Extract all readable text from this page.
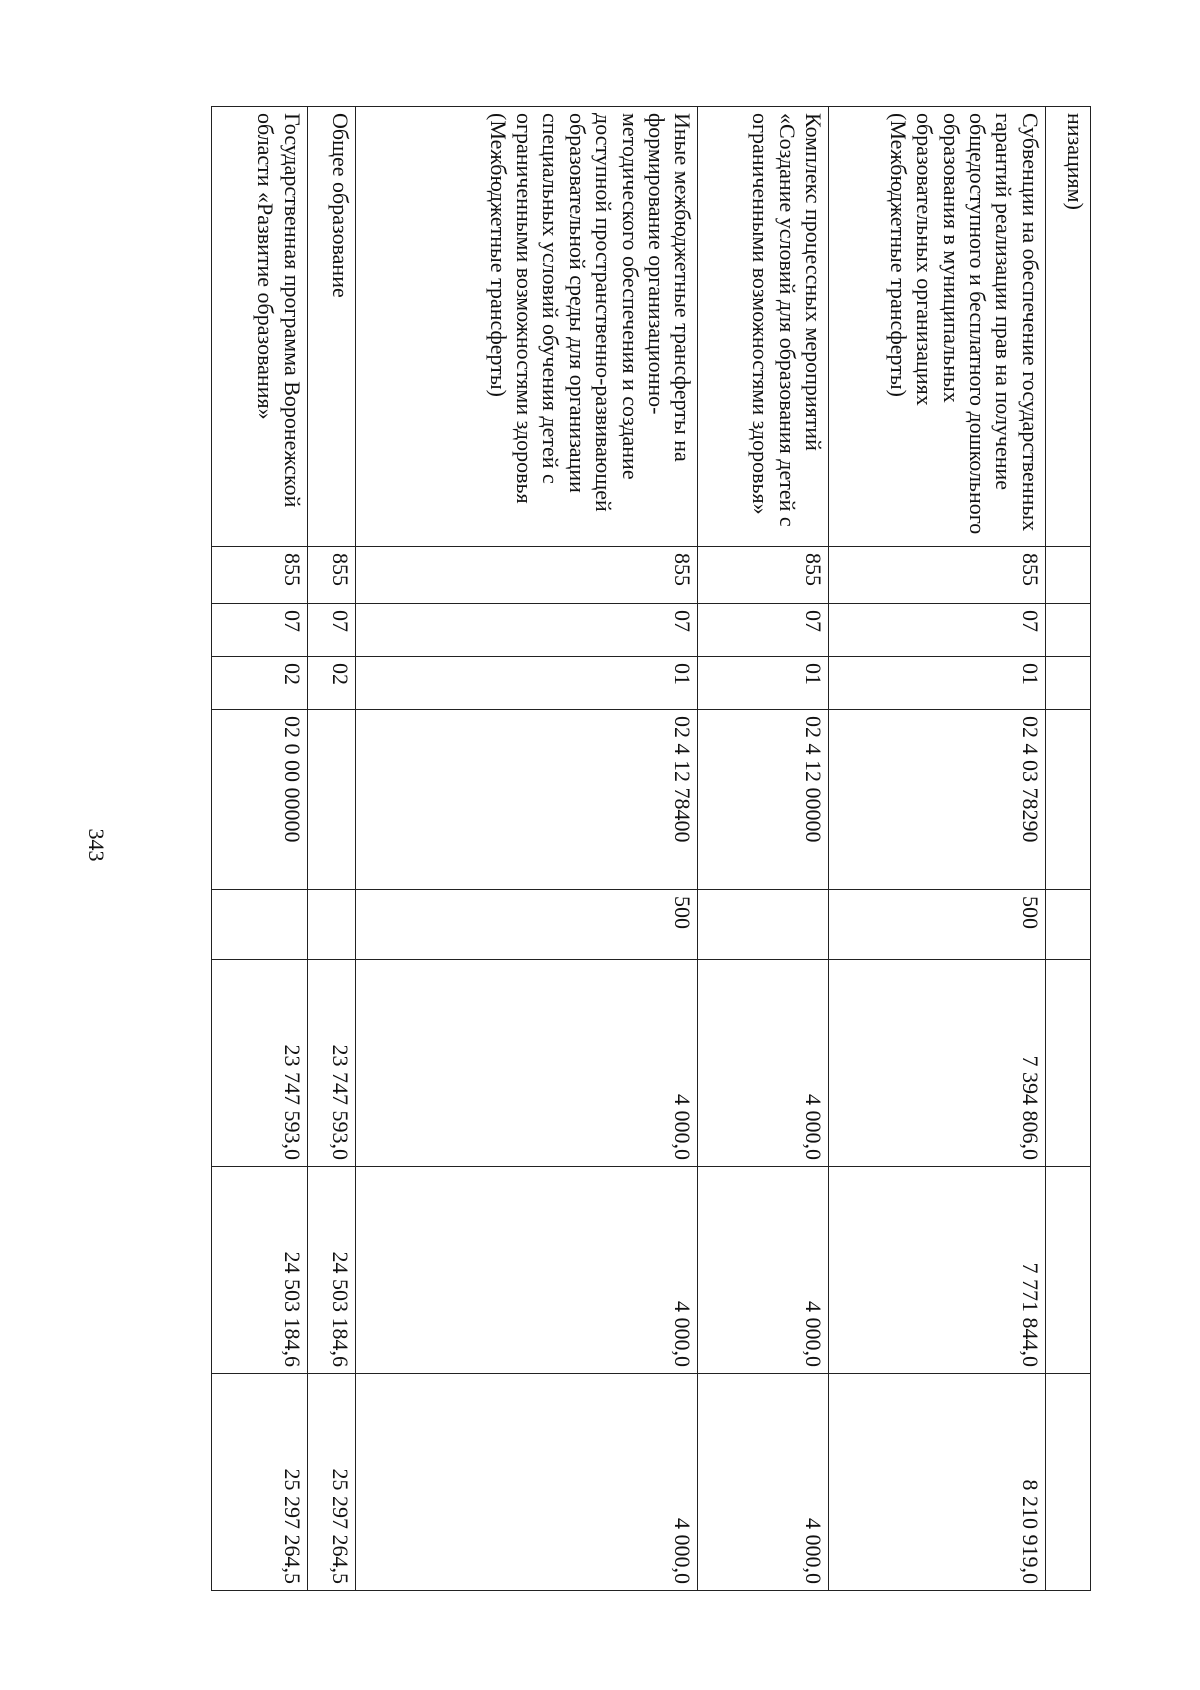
343
низациям)								
Субвенции на обеспечение государственных гарантий реализации прав на получение общедоступного и бесплатного дошкольного образования в муниципальных образовательных организациях (Межбюджетные трансферты)	855	07	01	02 4 03 78290	500	7 394 806,0	7 771 844,0	8 210 919,0
Комплекс процессных мероприятий «Создание условий для образования детей с ограниченными возможностями здоровья»	855	07	01	02 4 12 00000		4 000,0	4 000,0	4 000,0
Иные межбюджетные трансферты на формирование организационно-методического обеспечения и создание доступной пространственно-развивающей образовательной среды для организации специальных условий обучения детей с ограниченными возможностями здоровья (Межбюджетные трансферты)	855	07	01	02 4 12 78400	500	4 000,0	4 000,0	4 000,0
Общее образование	855	07	02			23 747 593,0	24 503 184,6	25 297 264,5
Государственная программа Воронежской области «Развитие образования»	855	07	02	02 0 00 00000		23 747 593,0	24 503 184,6	25 297 264,5
